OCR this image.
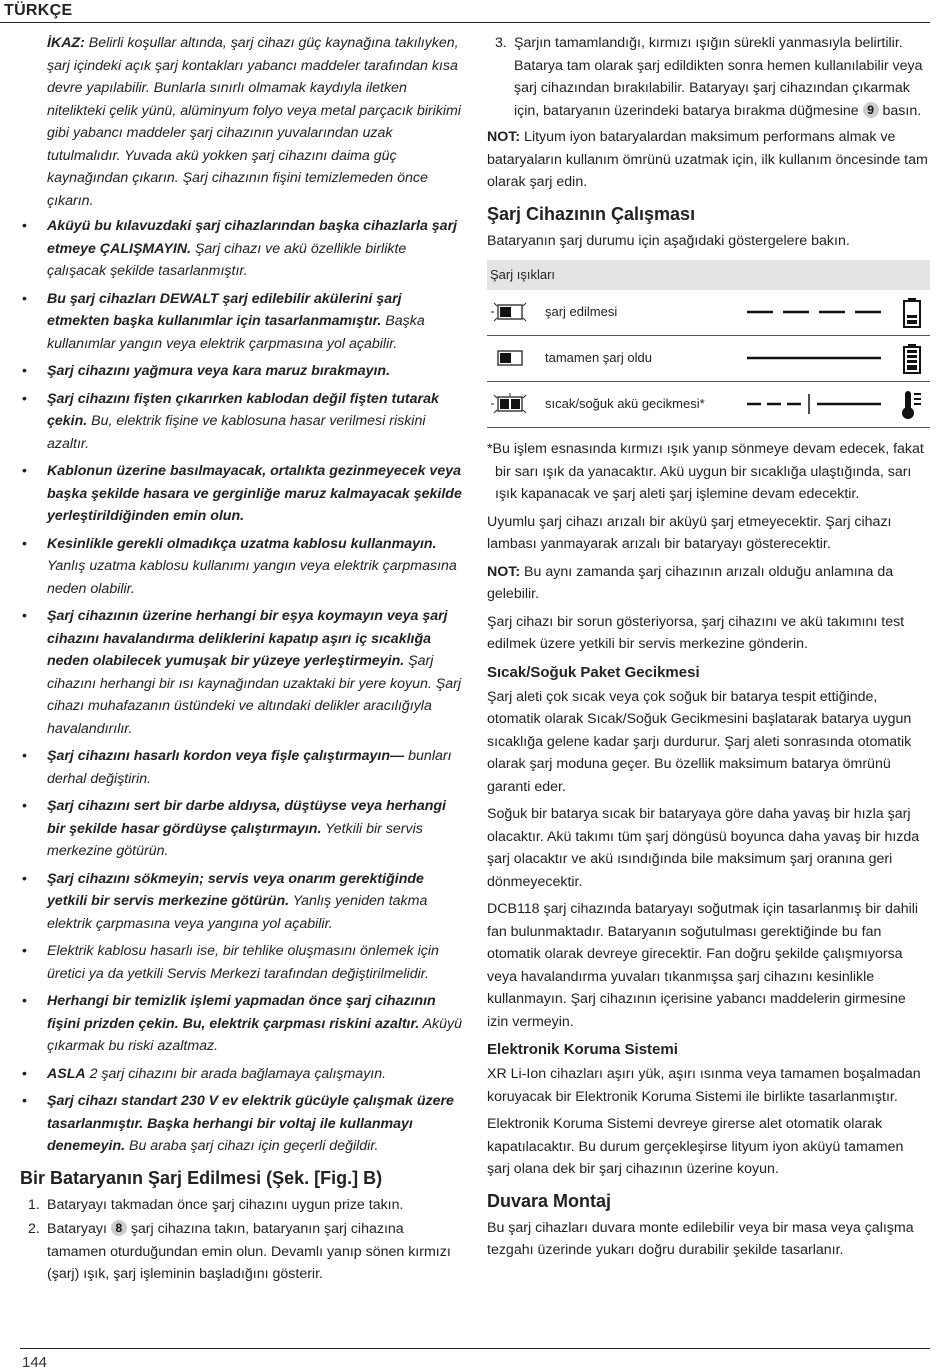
TÜRKÇE

İKAZ: Belirli koşullar altında, şarj cihazı güç kaynağına takılıyken, şarj içindeki açık şarj kontakları yabancı maddeler tarafından kısa devre yapılabilir. Bunlarla sınırlı olmamak kaydıyla iletken nitelikteki çelik yünü, alüminyum folyo veya metal parçacık birikimi gibi yabancı maddeler şarj cihazının yuvalarından uzak tutulmalıdır. Yuvada akü yokken şarj cihazını daima güç kaynağından çıkarın. Şarj cihazının fişini temizlemeden önce çıkarın.

• Aküyü bu kılavuzdaki şarj cihazlarından başka cihazlarla şarj etmeye ÇALIŞMAYIN. Şarj cihazı ve akü özellikle birlikte çalışacak şekilde tasarlanmıştır.
• Bu şarj cihazları DEWALT şarj edilebilir akülerini şarj etmekten başka kullanımlar için tasarlanmamıştır. Başka kullanımlar yangın veya elektrik çarpmasına yol açabilir.
• Şarj cihazını yağmura veya kara maruz bırakmayın.
• Şarj cihazını fişten çıkarırken kablodan değil fişten tutarak çekin. Bu, elektrik fişine ve kablosuna hasar verilmesi riskini azaltır.
• Kablonun üzerine basılmayacak, ortalıkta gezinmeyecek veya başka şekilde hasara ve gerginliğe maruz kalmayacak şekilde yerleştirildiğinden emin olun.
• Kesinlikle gerekli olmadıkça uzatma kablosu kullanmayın. Yanlış uzatma kablosu kullanımı yangın veya elektrik çarpmasına neden olabilir.
• Şarj cihazının üzerine herhangi bir eşya koymayın veya şarj cihazını havalandırma deliklerini kapatıp aşırı iç sıcaklığa neden olabilecek yumuşak bir yüzeye yerleştirmeyin. Şarj cihazını herhangi bir ısı kaynağından uzaktaki bir yere koyun. Şarj cihazı muhafazanın üstündeki ve altındaki delikler aracılığıyla havalandırılır.
• Şarj cihazını hasarlı kordon veya fişle çalıştırmayın— bunları derhal değiştirin.
• Şarj cihazını sert bir darbe aldıysa, düştüyse veya herhangi bir şekilde hasar gördüyse çalıştırmayın. Yetkili bir servis merkezine götürün.
• Şarj cihazını sökmeyin; servis veya onarım gerektiğinde yetkili bir servis merkezine götürün. Yanlış yeniden takma elektrik çarpmasına veya yangına yol açabilir.
• Elektrik kablosu hasarlı ise, bir tehlike oluşmasını önlemek için üretici ya da yetkili Servis Merkezi tarafından değiştirilmelidir.
• Herhangi bir temizlik işlemi yapmadan önce şarj cihazının fişini prizden çekin. Bu, elektrik çarpması riskini azaltır. Aküyü çıkarmak bu riski azaltmaz.
• ASLA 2 şarj cihazını bir arada bağlamaya çalışmayın.
• Şarj cihazı standart 230 V ev elektrik gücüyle çalışmak üzere tasarlanmıştır. Başka herhangi bir voltaj ile kullanmayı denemeyin. Bu araba şarj cihazı için geçerli değildir.
Bir Bataryanın Şarj Edilmesi (Şek. [Fig.] B)
1. Bataryayı takmadan önce şarj cihazını uygun prize takın.
2. Bataryayı 8 şarj cihazına takın, bataryanın şarj cihazına tamamen oturduğundan emin olun. Devamlı yanıp sönen kırmızı (şarj) ışık, şarj işleminin başladığını gösterir.
3. Şarjın tamamlandığı, kırmızı ışığın sürekli yanmasıyla belirtilir. Batarya tam olarak şarj edildikten sonra hemen kullanılabilir veya şarj cihazından bırakılabilir. Bataryayı şarj cihazından çıkarmak için, bataryanın üzerindeki batarya bırakma düğmesine 9 basın.

NOT: Lityum iyon bataryalardan maksimum performans almak ve bataryaların kullanım ömrünü uzatmak için, ilk kullanım öncesinde tam olarak şarj edin.

Şarj Cihazının Çalışması

Bataryanın şarj durumu için aşağıdaki göstergelere bakın.

Şarj ışıkları
şarj edilmesi
tamamen şarj oldu
sıcak/soğuk akü gecikmesi*

*Bu işlem esnasında kırmızı ışık yanıp sönmeye devam edecek, fakat bir sarı ışık da yanacaktır. Akü uygun bir sıcaklığa ulaştığında, sarı ışık kapanacak ve şarj aleti şarj işlemine devam edecektir.

Uyumlu şarj cihazı arızalı bir aküyü şarj etmeyecektir. Şarj cihazı lambası yanmayarak arızalı bir bataryayı gösterecektir.

NOT: Bu aynı zamanda şarj cihazının arızalı olduğu anlamına da gelebilir.

Şarj cihazı bir sorun gösteriyorsa, şarj cihazını ve akü takımını test edilmek üzere yetkili bir servis merkezine gönderin.

Sıcak/Soğuk Paket Gecikmesi

Şarj aleti çok sıcak veya çok soğuk bir batarya tespit ettiğinde, otomatik olarak Sıcak/Soğuk Gecikmesini başlatarak batarya uygun sıcaklığa gelene kadar şarjı durdurur. Şarj aleti sonrasında otomatik olarak şarj moduna geçer. Bu özellik maksimum batarya ömrünü garanti eder.

Soğuk bir batarya sıcak bir bataryaya göre daha yavaş bir hızla şarj olacaktır. Akü takımı tüm şarj döngüsü boyunca daha yavaş bir hızda şarj olacaktır ve akü ısındığında bile maksimum şarj oranına geri dönmeyecektir.

DCB118 şarj cihazında bataryayı soğutmak için tasarlanmış bir dahili fan bulunmaktadır. Bataryanın soğutulması gerektiğinde bu fan otomatik olarak devreye girecektir. Fan doğru şekilde çalışmıyorsa veya havalandırma yuvaları tıkanmışsa şarj cihazını kesinlikle kullanmayın. Şarj cihazının içerisine yabancı maddelerin girmesine izin vermeyin.

Elektronik Koruma Sistemi

XR Li-Ion cihazları aşırı yük, aşırı ısınma veya tamamen boşalmadan koruyacak bir Elektronik Koruma Sistemi ile birlikte tasarlanmıştır.

Elektronik Koruma Sistemi devreye girerse alet otomatik olarak kapatılacaktır. Bu durum gerçekleşirse lityum iyon aküyü tamamen şarj olana dek bir şarj cihazının üzerine koyun.

Duvara Montaj

Bu şarj cihazları duvara monte edilebilir veya bir masa veya çalışma tezgahı üzerinde yukarı doğru durabilir şekilde tasarlanır.

144
